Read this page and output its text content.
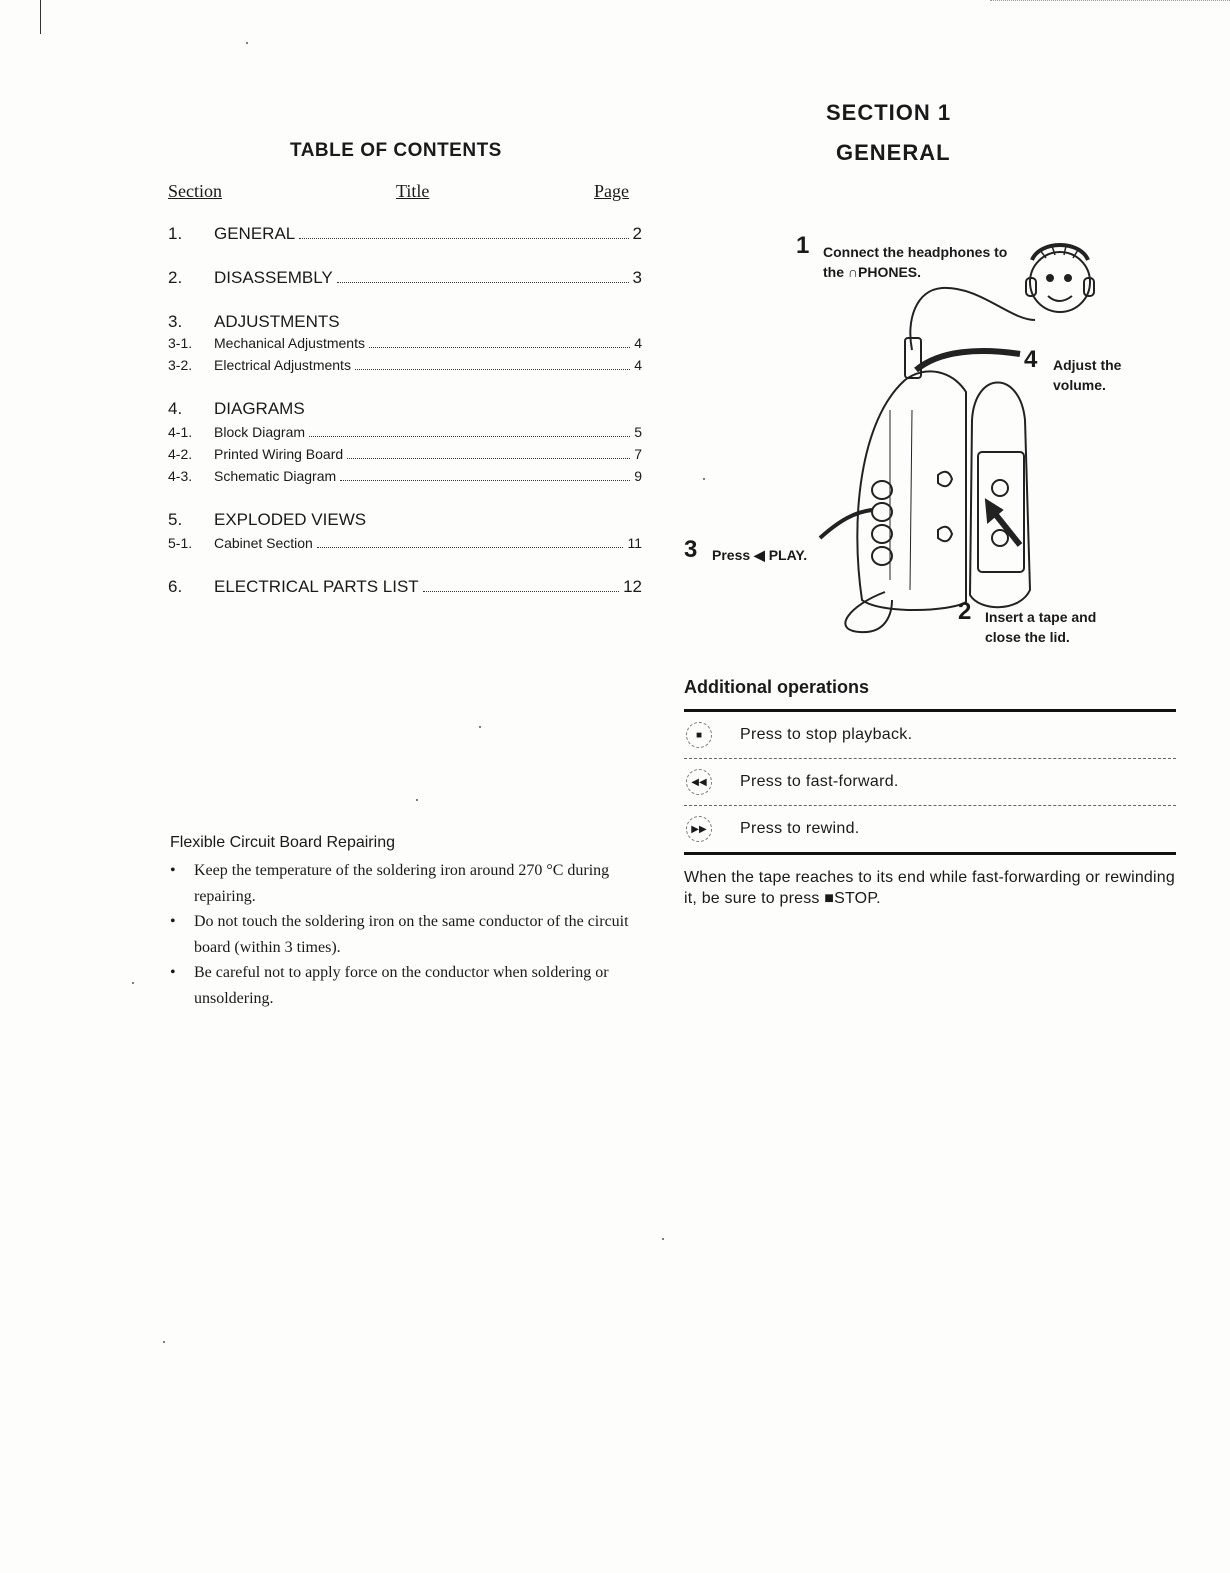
TABLE OF CONTENTS
Section	Title	Page
1.	GENERAL	2
2.	DISASSEMBLY	3
3.	ADJUSTMENTS
3-1.	Mechanical Adjustments	4
3-2.	Electrical Adjustments	4
4.	DIAGRAMS
4-1.	Block Diagram	5
4-2.	Printed Wiring Board	7
4-3.	Schematic Diagram	9
5.	EXPLODED VIEWS
5-1.	Cabinet Section	11
6.	ELECTRICAL PARTS LIST	12
Flexible Circuit Board Repairing
• Keep the temperature of the soldering iron around 270 °C during repairing.
• Do not touch the soldering iron on the same conductor of the circuit board (within 3 times).
• Be careful not to apply force on the conductor when soldering or unsoldering.
SECTION 1
GENERAL
1 Connect the headphones to the ∩PHONES.
4 Adjust the volume.
3 Press ◀ PLAY.
2 Insert a tape and close the lid.
Additional operations
■	Press to stop playback.
◀◀	Press to fast-forward.
▶▶	Press to rewind.
When the tape reaches to its end while fast-forwarding or rewinding it, be sure to press ■STOP.
